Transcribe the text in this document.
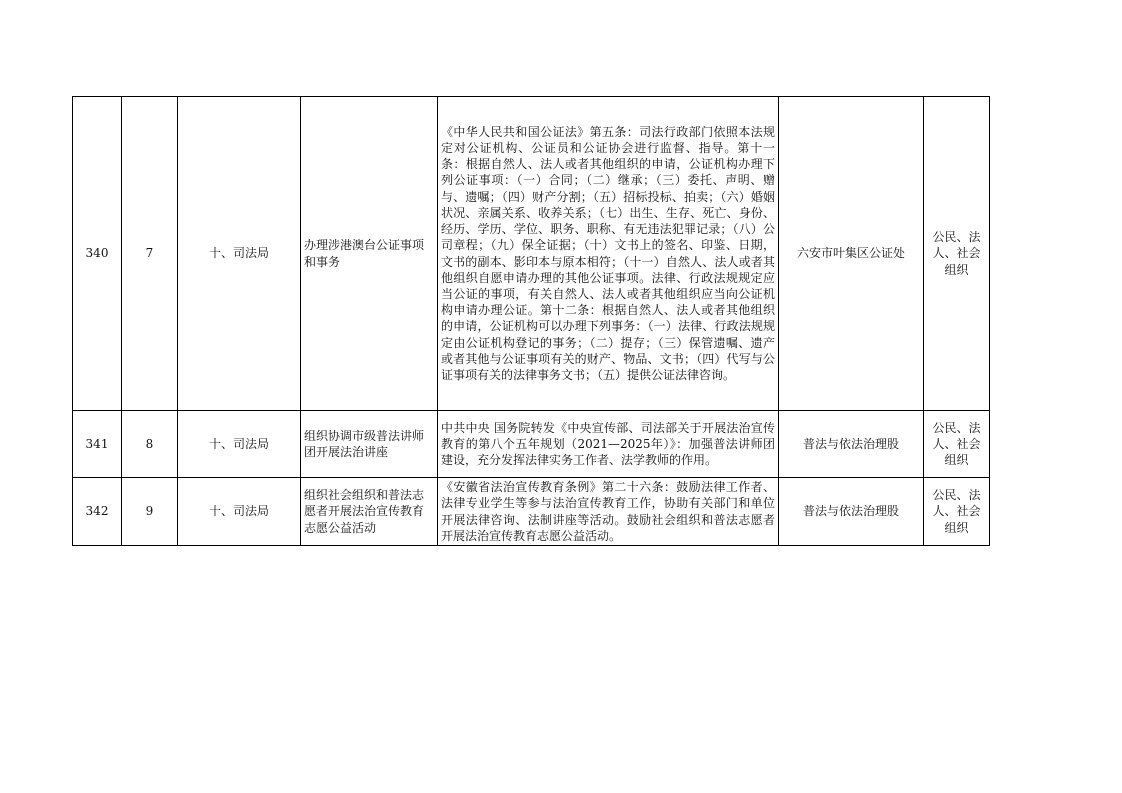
340	7	十、司法局	办理涉港澳台公证事项和事务	《中华人民共和国公证法》第五条：司法行政部门依照本法规定对公证机构、公证员和公证协会进行监督、指导。第十一条：根据自然人、法人或者其他组织的申请，公证机构办理下列公证事项：（一）合同；（二）继承；（三）委托、声明、赠与、遗嘱；（四）财产分割；（五）招标投标、拍卖；（六）婚姻状况、亲属关系、收养关系；（七）出生、生存、死亡、身份、经历、学历、学位、职务、职称、有无违法犯罪记录；（八）公司章程；（九）保全证据；（十）文书上的签名、印鉴、日期，文书的副本、影印本与原本相符；（十一）自然人、法人或者其他组织自愿申请办理的其他公证事项。法律、行政法规规定应当公证的事项，有关自然人、法人或者其他组织应当向公证机构申请办理公证。第十二条：根据自然人、法人或者其他组织的申请，公证机构可以办理下列事务：（一）法律、行政法规规定由公证机构登记的事务；（二）提存；（三）保管遗嘱、遗产或者其他与公证事项有关的财产、物品、文书；（四）代写与公证事项有关的法律事务文书；（五）提供公证法律咨询。	六安市叶集区公证处	公民、法人、社会组织
341	8	十、司法局	组织协调市级普法讲师团开展法治讲座	中共中央 国务院转发《中央宣传部、司法部关于开展法治宣传教育的第八个五年规划（2021—2025年）》：加强普法讲师团建设，充分发挥法律实务工作者、法学教师的作用。	普法与依法治理股	公民、法人、社会组织
342	9	十、司法局	组织社会组织和普法志愿者开展法治宣传教育志愿公益活动	《安徽省法治宣传教育条例》第二十六条：鼓励法律工作者、法律专业学生等参与法治宣传教育工作，协助有关部门和单位开展法律咨询、法制讲座等活动。鼓励社会组织和普法志愿者开展法治宣传教育志愿公益活动。	普法与依法治理股	公民、法人、社会组织
